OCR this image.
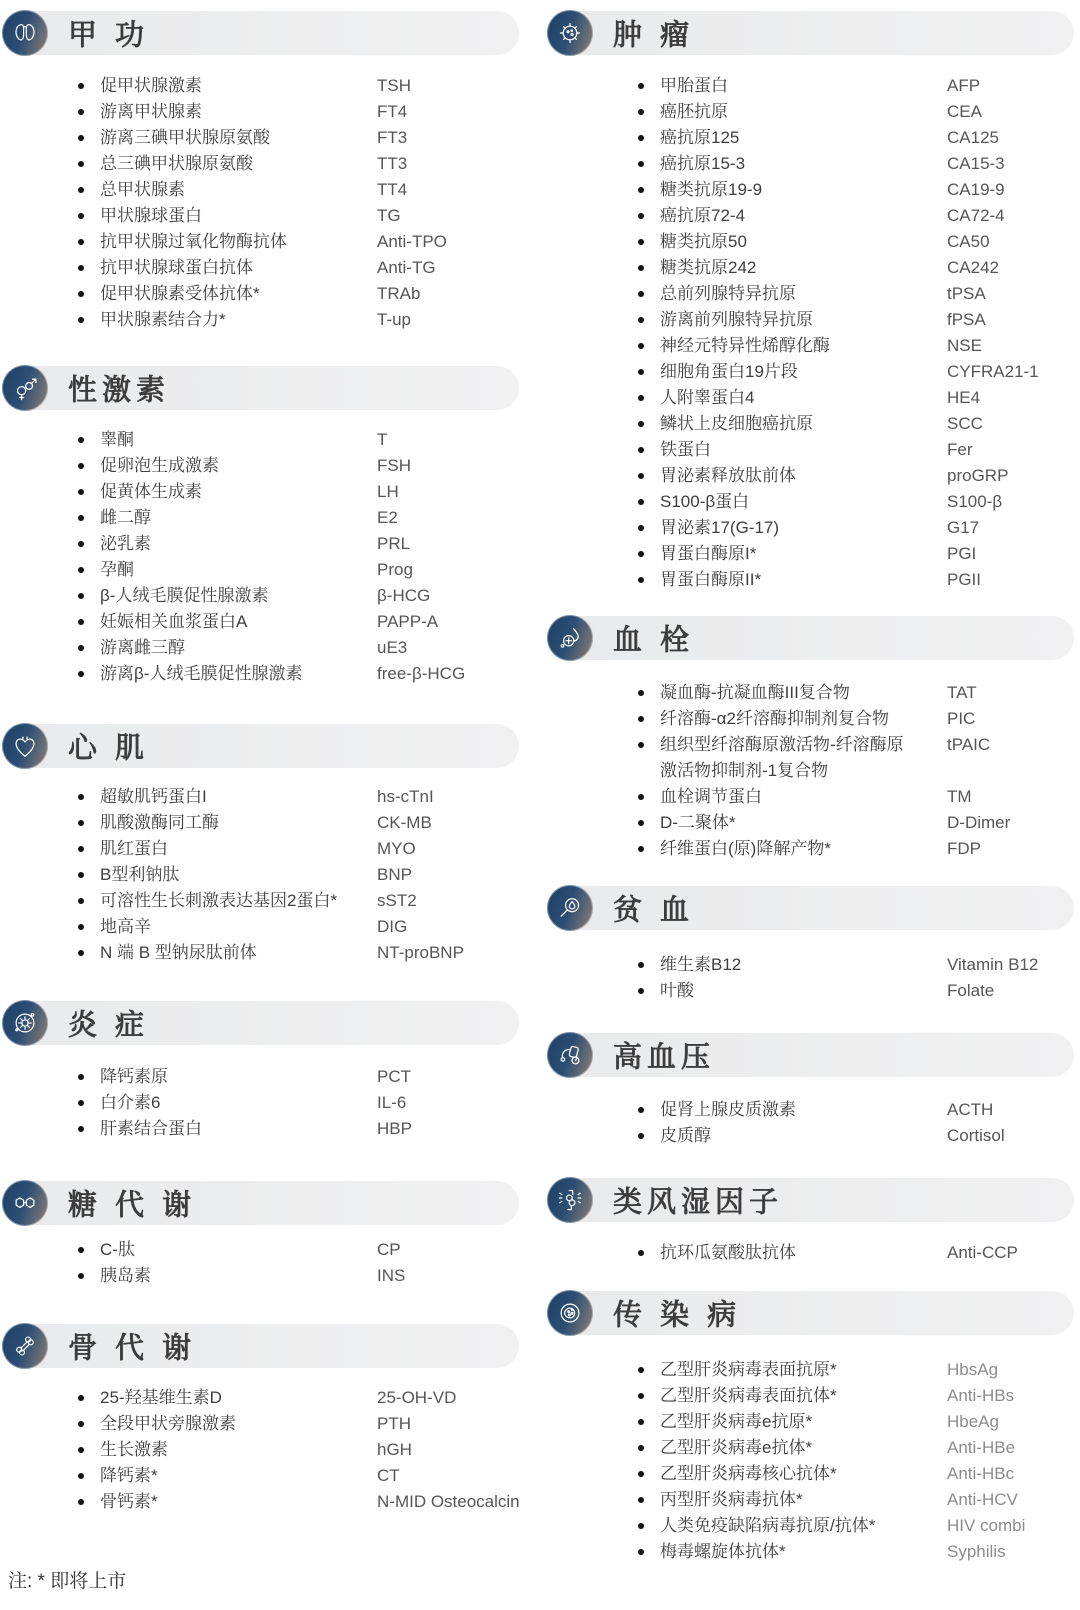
甲 功
促甲状腺激素	TSH
游离甲状腺素	FT4
游离三碘甲状腺原氨酸	FT3
总三碘甲状腺原氨酸	TT3
总甲状腺素	TT4
甲状腺球蛋白	TG
抗甲状腺过氧化物酶抗体	Anti-TPO
抗甲状腺球蛋白抗体	Anti-TG
促甲状腺素受体抗体*	TRAb
甲状腺素结合力*	T-up
性激素
睾酮	T
促卵泡生成激素	FSH
促黄体生成素	LH
雌二醇	E2
泌乳素	PRL
孕酮	Prog
β-人绒毛膜促性腺激素	β-HCG
妊娠相关血浆蛋白A	PAPP-A
游离雌三醇	uE3
游离β-人绒毛膜促性腺激素	free-β-HCG
心 肌
超敏肌钙蛋白I	hs-cTnI
肌酸激酶同工酶	CK-MB
肌红蛋白	MYO
B型利钠肽	BNP
可溶性生长刺激表达基因2蛋白* sST2
地高辛	DIG
N 端 B 型钠尿肽前体	NT-proBNP
炎 症
降钙素原	PCT
白介素6	IL-6
肝素结合蛋白	HBP
糖 代 谢
C-肽	CP
胰岛素	INS
骨 代 谢
25-羟基维生素D	25-OH-VD
全段甲状旁腺激素	PTH
生长激素	hGH
降钙素*	CT
骨钙素*	N-MID Osteocalcin
肿 瘤
甲胎蛋白	AFP
癌胚抗原	CEA
癌抗原125	CA125
癌抗原15-3	CA15-3
糖类抗原19-9	CA19-9
癌抗原72-4	CA72-4
糖类抗原50	CA50
糖类抗原242	CA242
总前列腺特异抗原	tPSA
游离前列腺特异抗原	fPSA
神经元特异性烯醇化酶	NSE
细胞角蛋白19片段	CYFRA21-1
人附睾蛋白4	HE4
鳞状上皮细胞癌抗原	SCC
铁蛋白	Fer
胃泌素释放肽前体	proGRP
S100-β蛋白	S100-β
胃泌素17(G-17)	G17
胃蛋白酶原I*	PGI
胃蛋白酶原II*	PGII
血 栓
凝血酶-抗凝血酶III复合物	TAT
纤溶酶-α2纤溶酶抑制剂复合物	PIC
组织型纤溶酶原激活物-纤溶酶原	tPAIC
激活物抑制剂-1复合物
血栓调节蛋白	TM
D-二聚体*	D-Dimer
纤维蛋白(原)降解产物*	FDP
贫 血
维生素B12	Vitamin B12
叶酸	Folate
高血压
促肾上腺皮质激素	ACTH
皮质醇	Cortisol
类风湿因子
抗环瓜氨酸肽抗体	Anti-CCP
传 染 病
乙型肝炎病毒表面抗原*	HbsAg
乙型肝炎病毒表面抗体*	Anti-HBs
乙型肝炎病毒e抗原*	HbeAg
乙型肝炎病毒e抗体*	Anti-HBe
乙型肝炎病毒核心抗体*	Anti-HBc
丙型肝炎病毒抗体*	Anti-HCV
人类免疫缺陷病毒抗原/抗体*	HIV combi
梅毒螺旋体抗体*	Syphilis
注: * 即将上市
